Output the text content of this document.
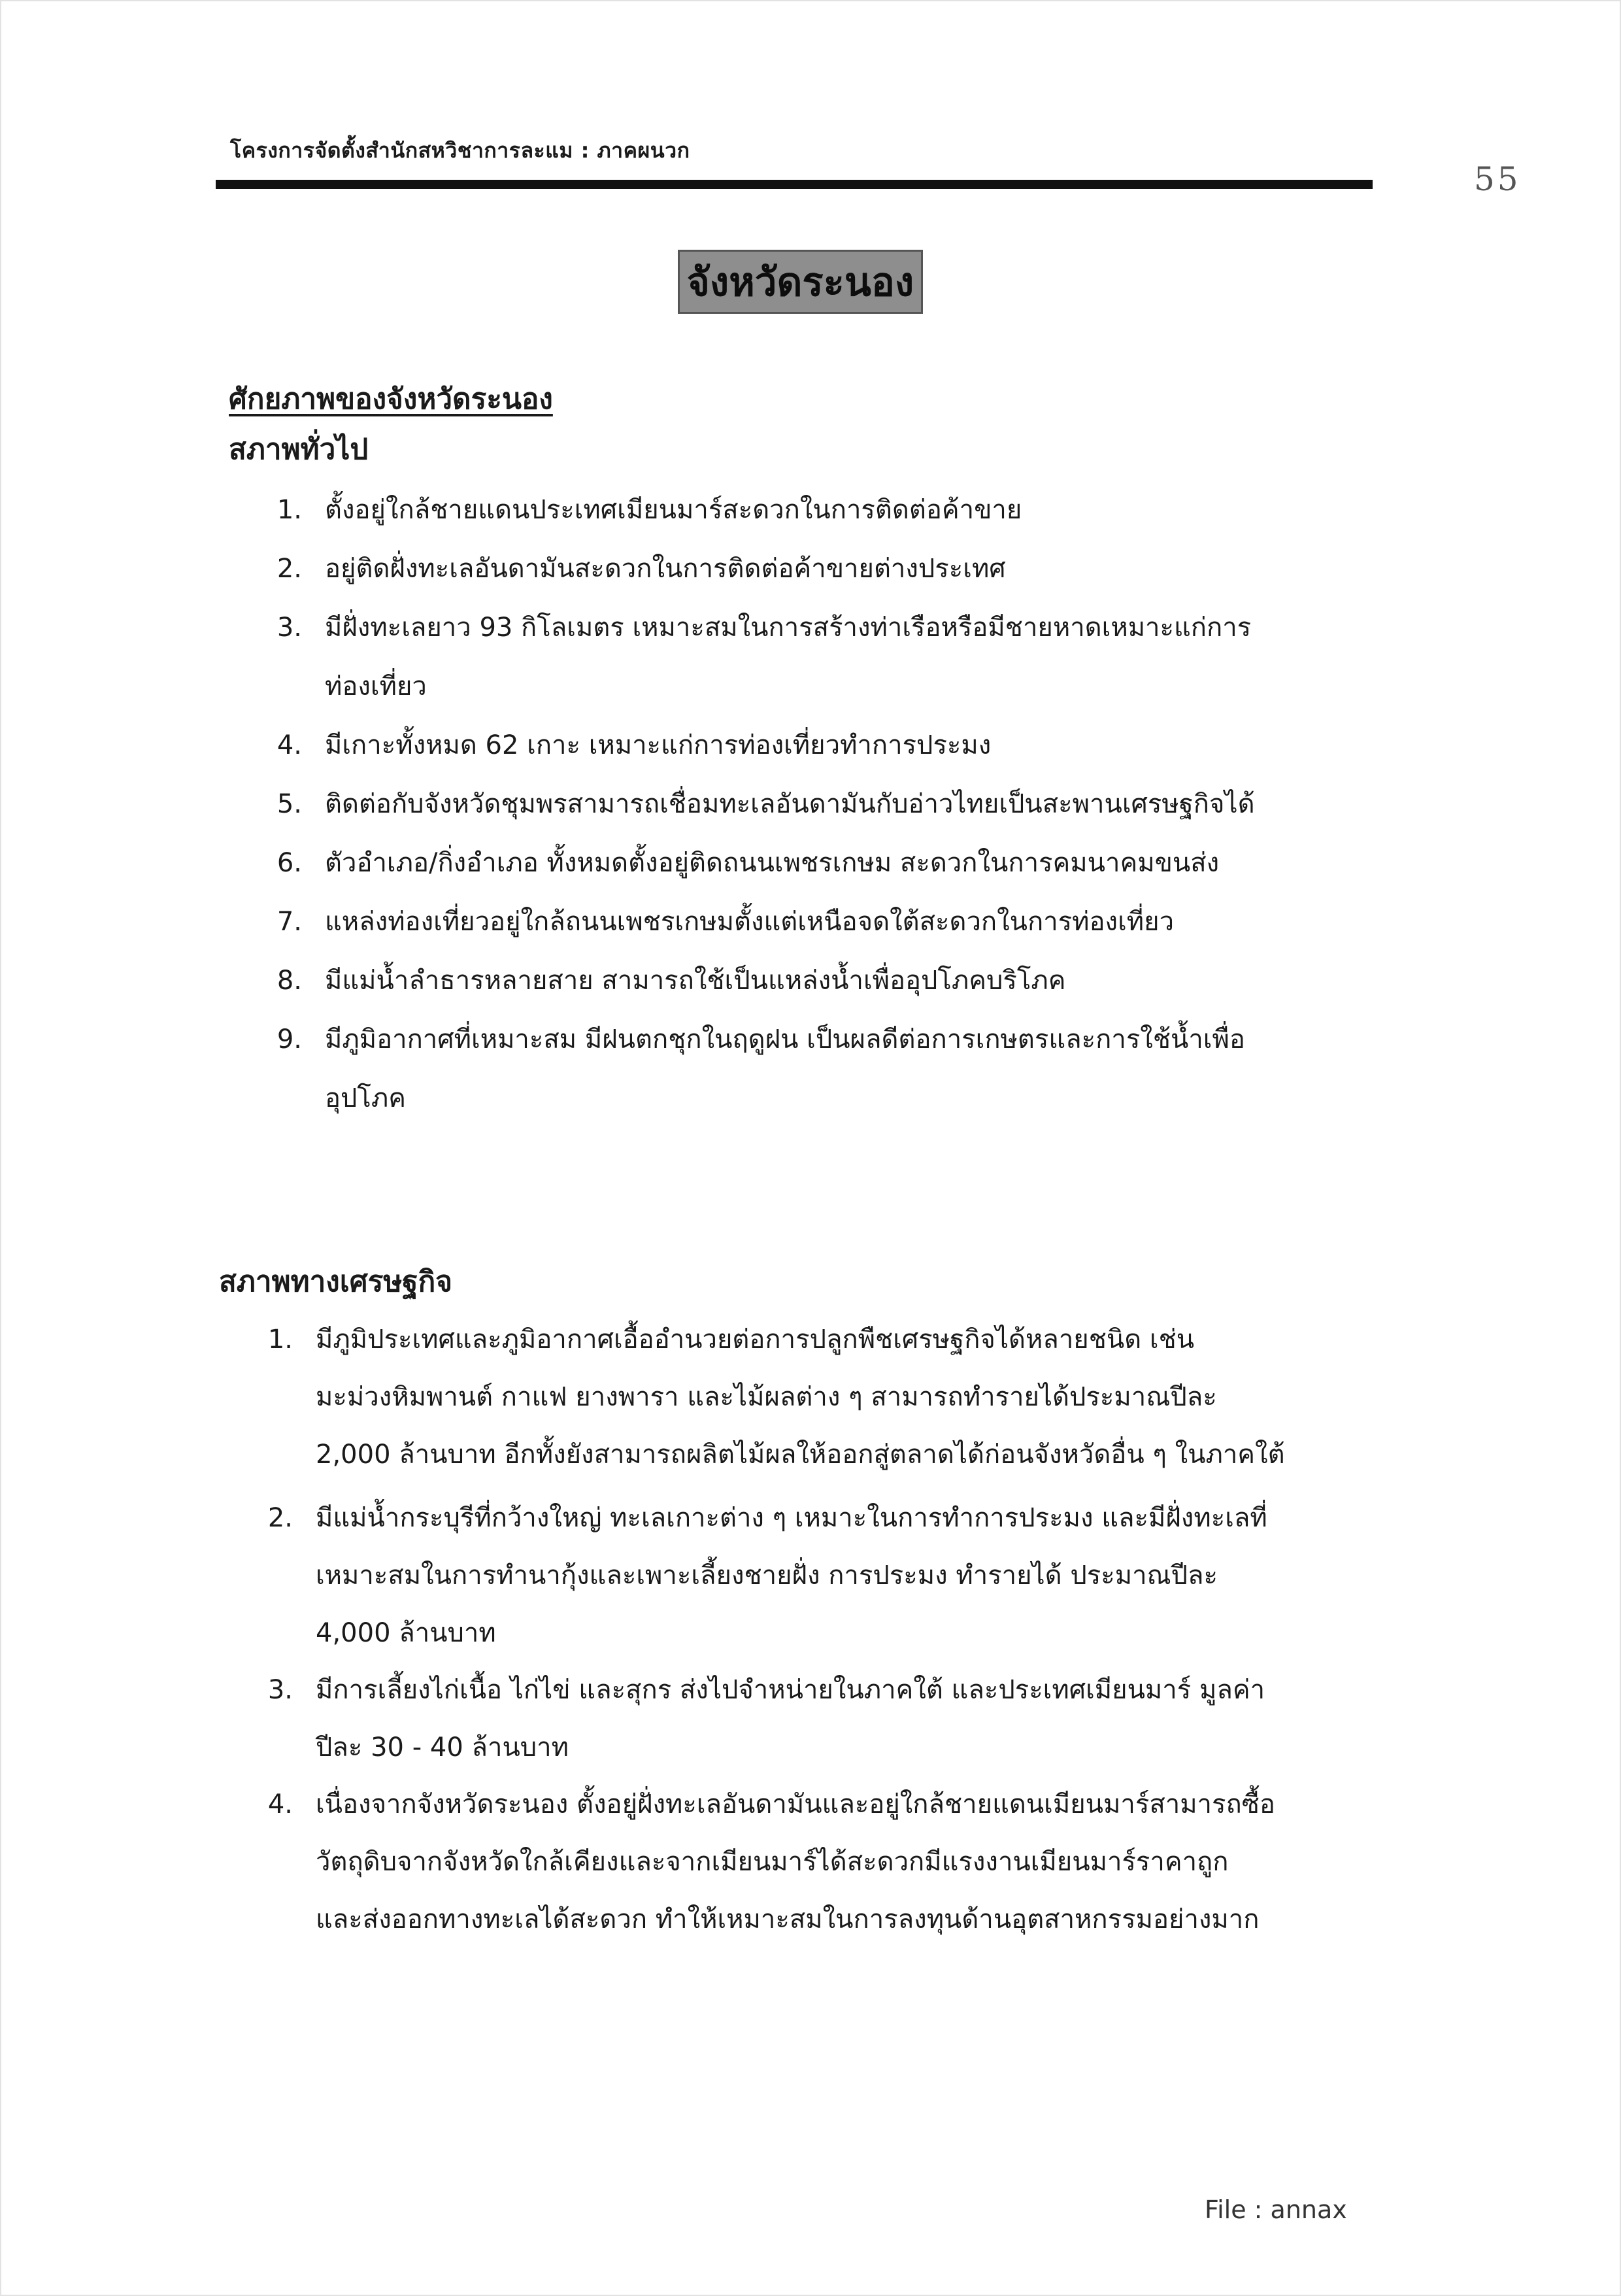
โครงการจัดตั้งสำนักสหวิชาการละแม : ภาคผนวก
55
จังหวัดระนอง
ศักยภาพของจังหวัดระนอง
สภาพทั่วไป
1. ตั้งอยู่ใกล้ชายแดนประเทศเมียนมาร์สะดวกในการติดต่อค้าขาย
2. อยู่ติดฝั่งทะเลอันดามันสะดวกในการติดต่อค้าขายต่างประเทศ
3. มีฝั่งทะเลยาว 93 กิโลเมตร เหมาะสมในการสร้างท่าเรือหรือมีชายหาดเหมาะแก่การ
ท่องเที่ยว
4. มีเกาะทั้งหมด 62 เกาะ เหมาะแก่การท่องเที่ยวทำการประมง
5. ติดต่อกับจังหวัดชุมพรสามารถเชื่อมทะเลอันดามันกับอ่าวไทยเป็นสะพานเศรษฐกิจได้
6. ตัวอำเภอ/กิ่งอำเภอ ทั้งหมดตั้งอยู่ติดถนนเพชรเกษม สะดวกในการคมนาคมขนส่ง
7. แหล่งท่องเที่ยวอยู่ใกล้ถนนเพชรเกษมตั้งแต่เหนือจดใต้สะดวกในการท่องเที่ยว
8. มีแม่น้ำลำธารหลายสาย สามารถใช้เป็นแหล่งน้ำเพื่ออุปโภคบริโภค
9. มีภูมิอากาศที่เหมาะสม มีฝนตกชุกในฤดูฝน เป็นผลดีต่อการเกษตรและการใช้น้ำเพื่อ
อุปโภค
สภาพทางเศรษฐกิจ
1. มีภูมิประเทศและภูมิอากาศเอื้ออำนวยต่อการปลูกพืชเศรษฐกิจได้หลายชนิด เช่น
มะม่วงหิมพานต์ กาแฟ ยางพารา และไม้ผลต่าง ๆ สามารถทำรายได้ประมาณปีละ
2,000 ล้านบาท อีกทั้งยังสามารถผลิตไม้ผลให้ออกสู่ตลาดได้ก่อนจังหวัดอื่น ๆ ในภาคใต้
2. มีแม่น้ำกระบุรีที่กว้างใหญ่ ทะเลเกาะต่าง ๆ เหมาะในการทำการประมง และมีฝั่งทะเลที่
เหมาะสมในการทำนากุ้งและเพาะเลี้ยงชายฝั่ง การประมง ทำรายได้ ประมาณปีละ
4,000 ล้านบาท
3. มีการเลี้ยงไก่เนื้อ ไก่ไข่ และสุกร ส่งไปจำหน่ายในภาคใต้ และประเทศเมียนมาร์ มูลค่า
ปีละ 30 - 40 ล้านบาท
4. เนื่องจากจังหวัดระนอง ตั้งอยู่ฝั่งทะเลอันดามันและอยู่ใกล้ชายแดนเมียนมาร์สามารถซื้อ
วัตถุดิบจากจังหวัดใกล้เคียงและจากเมียนมาร์ได้สะดวกมีแรงงานเมียนมาร์ราคาถูก
และส่งออกทางทะเลได้สะดวก ทำให้เหมาะสมในการลงทุนด้านอุตสาหกรรมอย่างมาก
File : annax
